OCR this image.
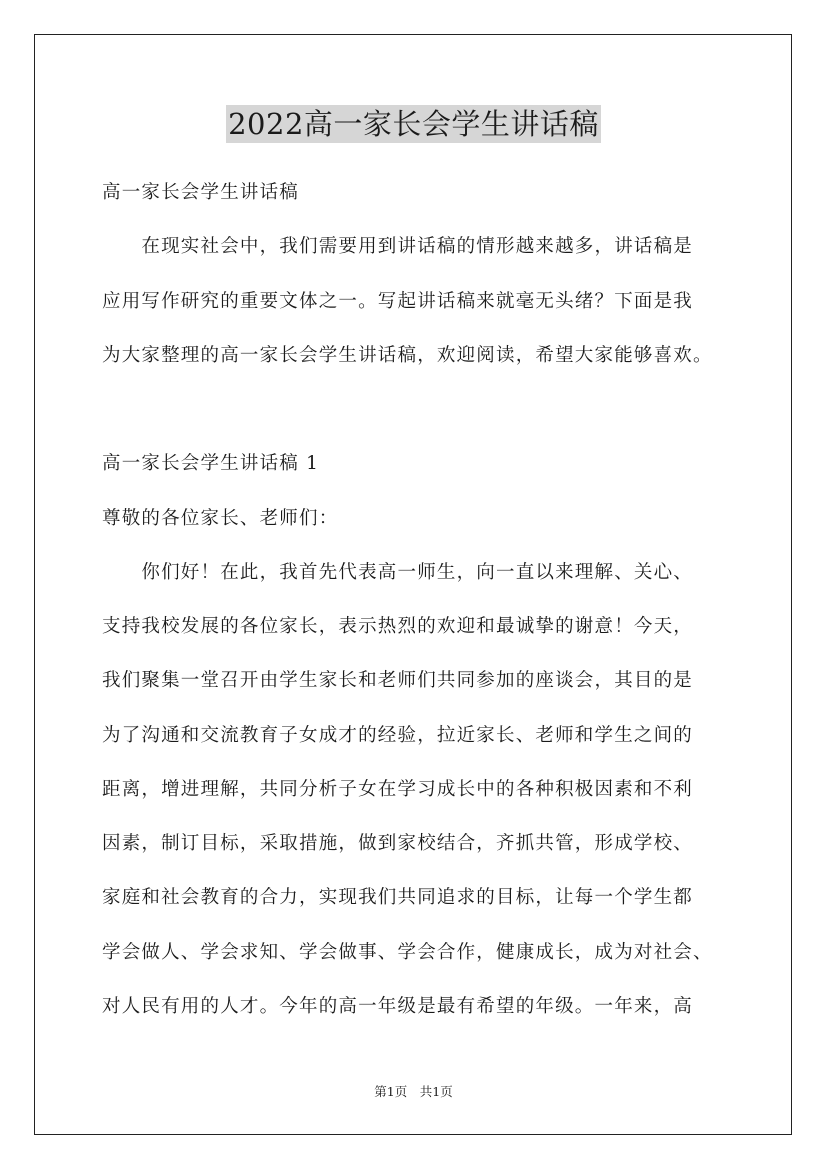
2022高一家长会学生讲话稿
高一家长会学生讲话稿
　　在现实社会中，我们需要用到讲话稿的情形越来越多，讲话稿是
应用写作研究的重要文体之一。写起讲话稿来就毫无头绪？下面是我
为大家整理的高一家长会学生讲话稿，欢迎阅读，希望大家能够喜欢。
高一家长会学生讲话稿 1
尊敬的各位家长、老师们：
　　你们好！在此，我首先代表高一师生，向一直以来理解、关心、
支持我校发展的各位家长，表示热烈的欢迎和最诚挚的谢意！今天，
我们聚集一堂召开由学生家长和老师们共同参加的座谈会，其目的是
为了沟通和交流教育子女成才的经验，拉近家长、老师和学生之间的
距离，增进理解，共同分析子女在学习成长中的各种积极因素和不利
因素，制订目标，采取措施，做到家校结合，齐抓共管，形成学校、
家庭和社会教育的合力，实现我们共同追求的目标，让每一个学生都
学会做人、学会求知、学会做事、学会合作，健康成长，成为对社会、
对人民有用的人才。今年的高一年级是最有希望的年级。一年来，高
第1页　共1页
